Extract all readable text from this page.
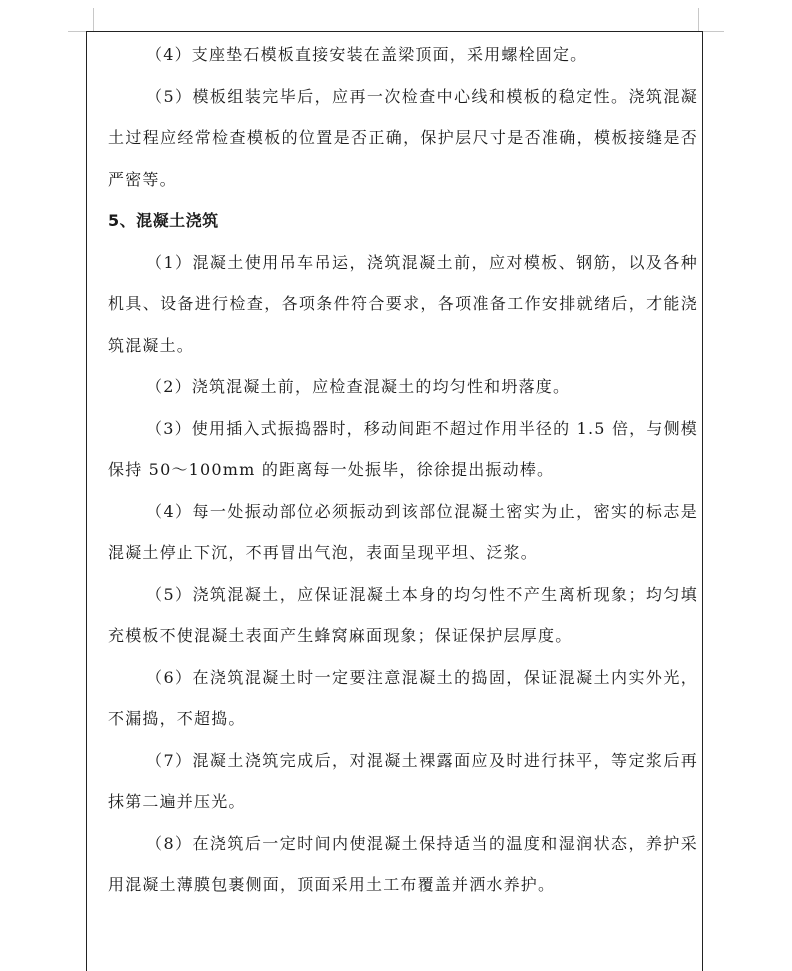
（4）支座垫石模板直接安装在盖梁顶面，采用螺栓固定。

（5）模板组装完毕后，应再一次检查中心线和模板的稳定性。浇筑混凝土过程应经常检查模板的位置是否正确，保护层尺寸是否准确，模板接缝是否严密等。

5、混凝土浇筑

（1）混凝土使用吊车吊运，浇筑混凝土前，应对模板、钢筋，以及各种机具、设备进行检查，各项条件符合要求，各项准备工作安排就绪后，才能浇筑混凝土。

（2）浇筑混凝土前，应检查混凝土的均匀性和坍落度。

（3）使用插入式振捣器时，移动间距不超过作用半径的 1.5 倍，与侧模保持 50～100mm 的距离每一处振毕，徐徐提出振动棒。

（4）每一处振动部位必须振动到该部位混凝土密实为止，密实的标志是混凝土停止下沉，不再冒出气泡，表面呈现平坦、泛浆。

（5）浇筑混凝土，应保证混凝土本身的均匀性不产生离析现象；均匀填充模板不使混凝土表面产生蜂窝麻面现象；保证保护层厚度。

（6）在浇筑混凝土时一定要注意混凝土的捣固，保证混凝土内实外光，不漏捣，不超捣。

（7）混凝土浇筑完成后，对混凝土裸露面应及时进行抹平，等定浆后再抹第二遍并压光。

（8）在浇筑后一定时间内使混凝土保持适当的温度和湿润状态，养护采用混凝土薄膜包裹侧面，顶面采用土工布覆盖并洒水养护。
